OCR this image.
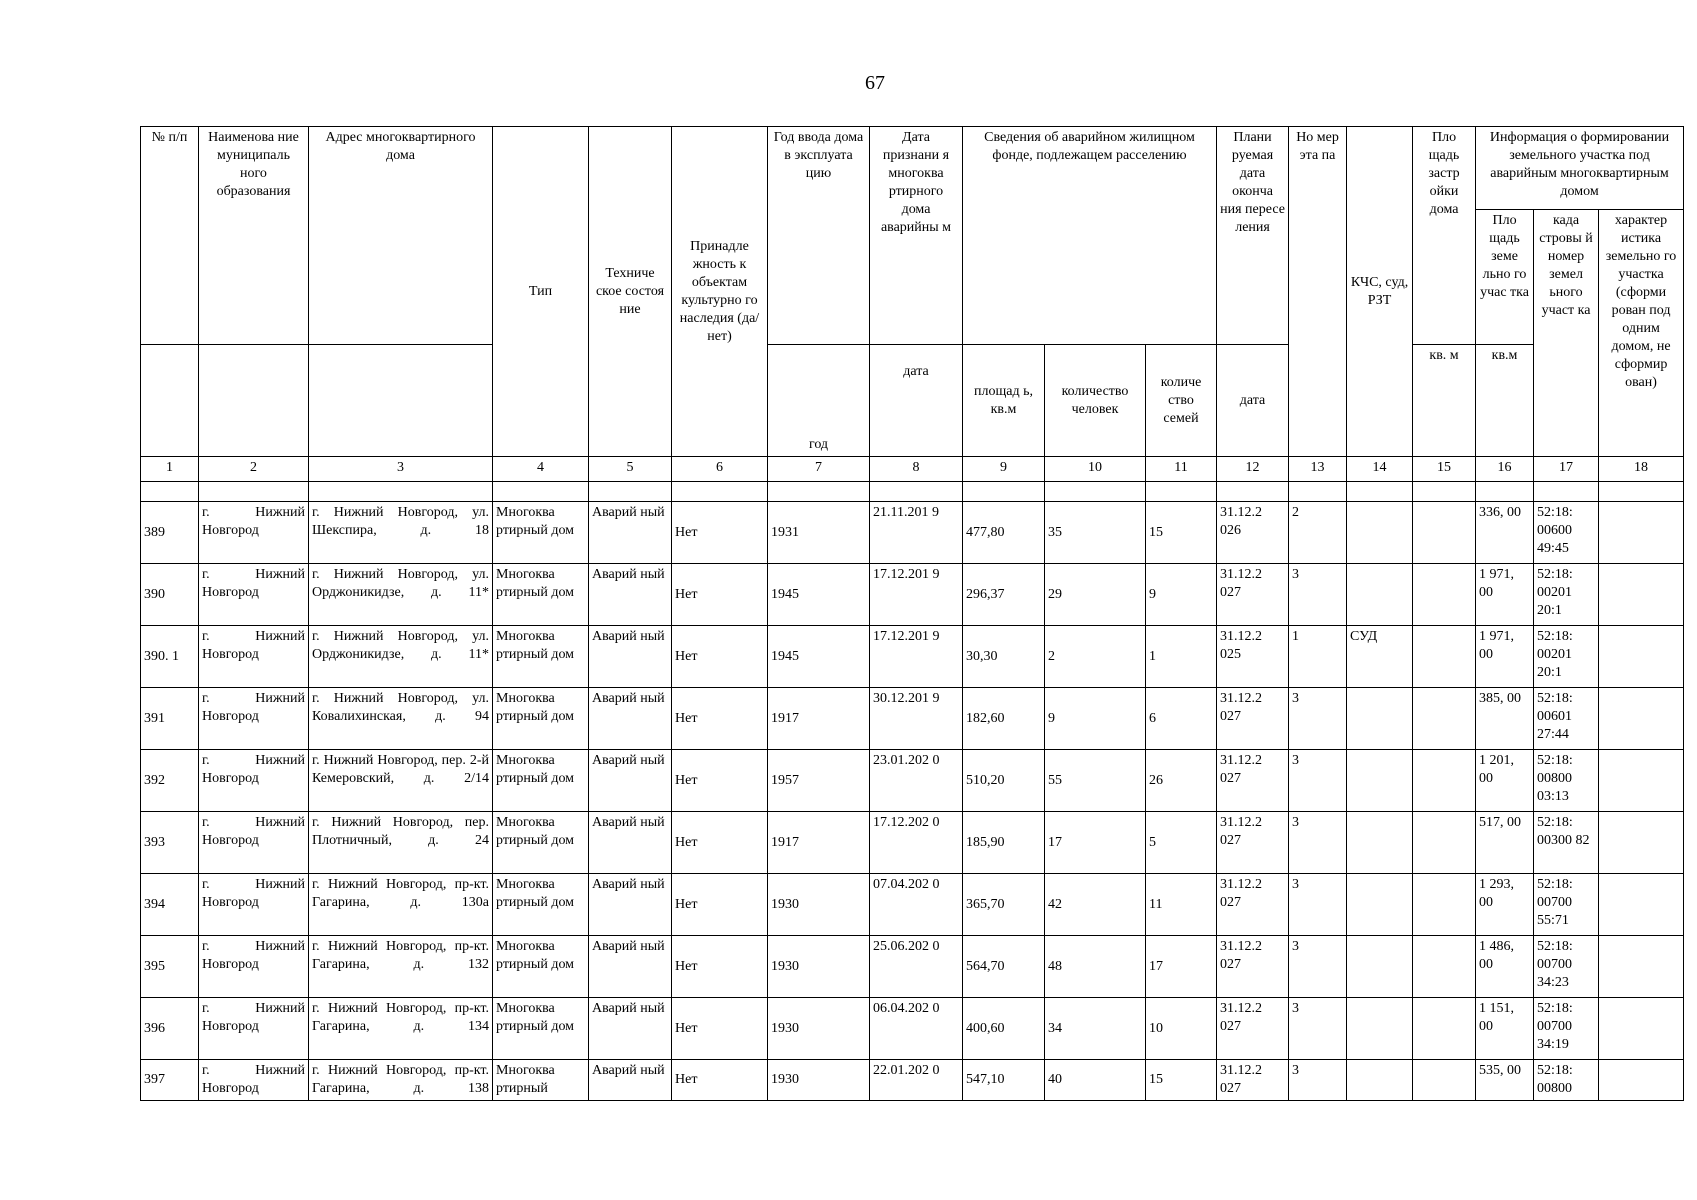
67
№ п/п	Наименова ние муниципаль ного образования	Адрес многоквартирного дома	Тип	Техниче ское состоя ние	Принадле жность к объектам культурно го наследия (да/нет)	Год ввода дома в эксплуата цию	Дата признани я многоква ртирного дома аварийны м	Сведения об аварийном жилищном фонде, подлежащем расселению			Плани руемая дата оконча ния пересе ления	Но мер эта па	КЧС, суд, РЗТ	Пло щадь застр ойки дома	Информация о формировании земельного участка под аварийным многоквартирным домом		
															Пло щадь земе льно го учас тка	када стровы й номер земел ьного участ ка	характер истика земельно го участка (сформи рован под одним домом, не сформир ован)
						год	дата	площад ь, кв.м	количество человек	количе ство семей	дата			кв. м	кв.м		
1	2	3	4	5	6	7	8	9	10	11	12	13	14	15	16	17	18

389	г. Нижний Новгород	г. Нижний Новгород, ул. Шекспира, д. 18	Многоква ртирный дом	Аварий ный	Нет	1931	21.11.201 9	477,80	35	15	31.12.2 026	2			336, 00	52:18: 00600 49:45	

390	г. Нижний Новгород	г. Нижний Новгород, ул. Орджоникидзе, д. 11*	Многоква ртирный дом	Аварий ный	Нет	1945	17.12.201 9	296,37	29	9	31.12.2 027	3			1 971, 00	52:18: 00201 20:1	

390. 1	г. Нижний Новгород	г. Нижний Новгород, ул. Орджоникидзе, д. 11*	Многоква ртирный дом	Аварий ный	Нет	1945	17.12.201 9	30,30	2	1	31.12.2 025	1	СУД		1 971, 00	52:18: 00201 20:1	

391	г. Нижний Новгород	г. Нижний Новгород, ул. Ковалихинская, д. 94	Многоква ртирный дом	Аварий ный	Нет	1917	30.12.201 9	182,60	9	6	31.12.2 027	3			385, 00	52:18: 00601 27:44	

392	г. Нижний Новгород	г. Нижний Новгород, пер. 2-й Кемеровский, д. 2/14	Многоква ртирный дом	Аварий ный	Нет	1957	23.01.202 0	510,20	55	26	31.12.2 027	3			1 201, 00	52:18: 00800 03:13	

393	г. Нижний Новгород	г. Нижний Новгород, пер. Плотничный, д. 24	Многоква ртирный дом	Аварий ный	Нет	1917	17.12.202 0	185,90	17	5	31.12.2 027	3			517, 00	52:18: 00300 82	

394	г. Нижний Новгород	г. Нижний Новгород, пр-кт. Гагарина, д. 130а	Многоква ртирный дом	Аварий ный	Нет	1930	07.04.202 0	365,70	42	11	31.12.2 027	3			1 293, 00	52:18: 00700 55:71	

395	г. Нижний Новгород	г. Нижний Новгород, пр-кт. Гагарина, д. 132	Многоква ртирный дом	Аварий ный	Нет	1930	25.06.202 0	564,70	48	17	31.12.2 027	3			1 486, 00	52:18: 00700 34:23	

396	г. Нижний Новгород	г. Нижний Новгород, пр-кт. Гагарина, д. 134	Многоква ртирный дом	Аварий ный	Нет	1930	06.04.202 0	400,60	34	10	31.12.2 027	3			1 151, 00	52:18: 00700 34:19	

397	г. Нижний Новгород	г. Нижний Новгород, пр-кт. Гагарина, д. 138	Многоква ртирный	Аварий ный	Нет	1930	22.01.202 0	547,10	40	15	31.12.2 027	3			535, 00	52:18: 00800	
